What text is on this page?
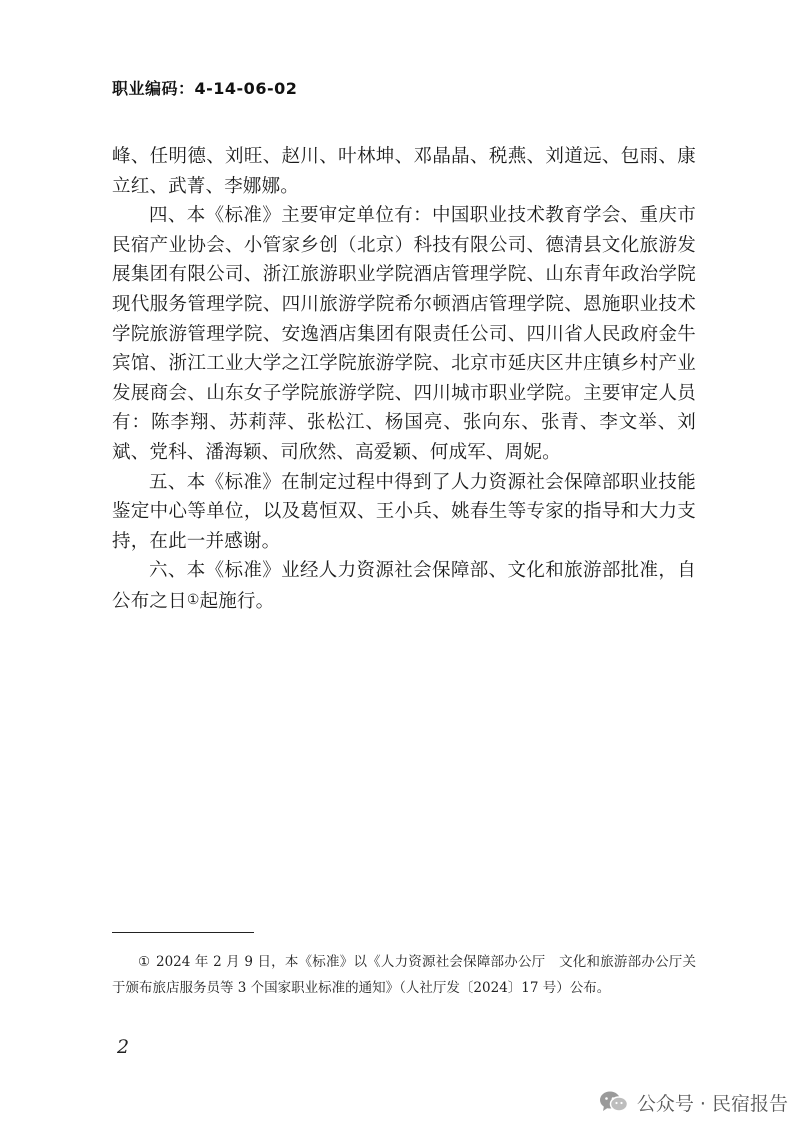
职业编码：4-14-06-02

峰、任明德、刘旺、赵川、叶林坤、邓晶晶、税燕、刘道远、包雨、康立红、武菁、李娜娜。

四、本《标准》主要审定单位有：中国职业技术教育学会、重庆市民宿产业协会、小管家乡创（北京）科技有限公司、德清县文化旅游发展集团有限公司、浙江旅游职业学院酒店管理学院、山东青年政治学院现代服务管理学院、四川旅游学院希尔顿酒店管理学院、恩施职业技术学院旅游管理学院、安逸酒店集团有限责任公司、四川省人民政府金牛宾馆、浙江工业大学之江学院旅游学院、北京市延庆区井庄镇乡村产业发展商会、山东女子学院旅游学院、四川城市职业学院。主要审定人员有：陈李翔、苏莉萍、张松江、杨国亮、张向东、张青、李文举、刘斌、党科、潘海颖、司欣然、高爱颖、何成军、周妮。

五、本《标准》在制定过程中得到了人力资源社会保障部职业技能鉴定中心等单位，以及葛恒双、王小兵、姚春生等专家的指导和大力支持，在此一并感谢。

六、本《标准》业经人力资源社会保障部、文化和旅游部批准，自公布之日①起施行。

① 2024 年 2 月 9 日，本《标准》以《人力资源社会保障部办公厅　文化和旅游部办公厅关于颁布旅店服务员等 3 个国家职业标准的通知》（人社厅发〔2024〕17 号）公布。
2
公众号 · 民宿报告
